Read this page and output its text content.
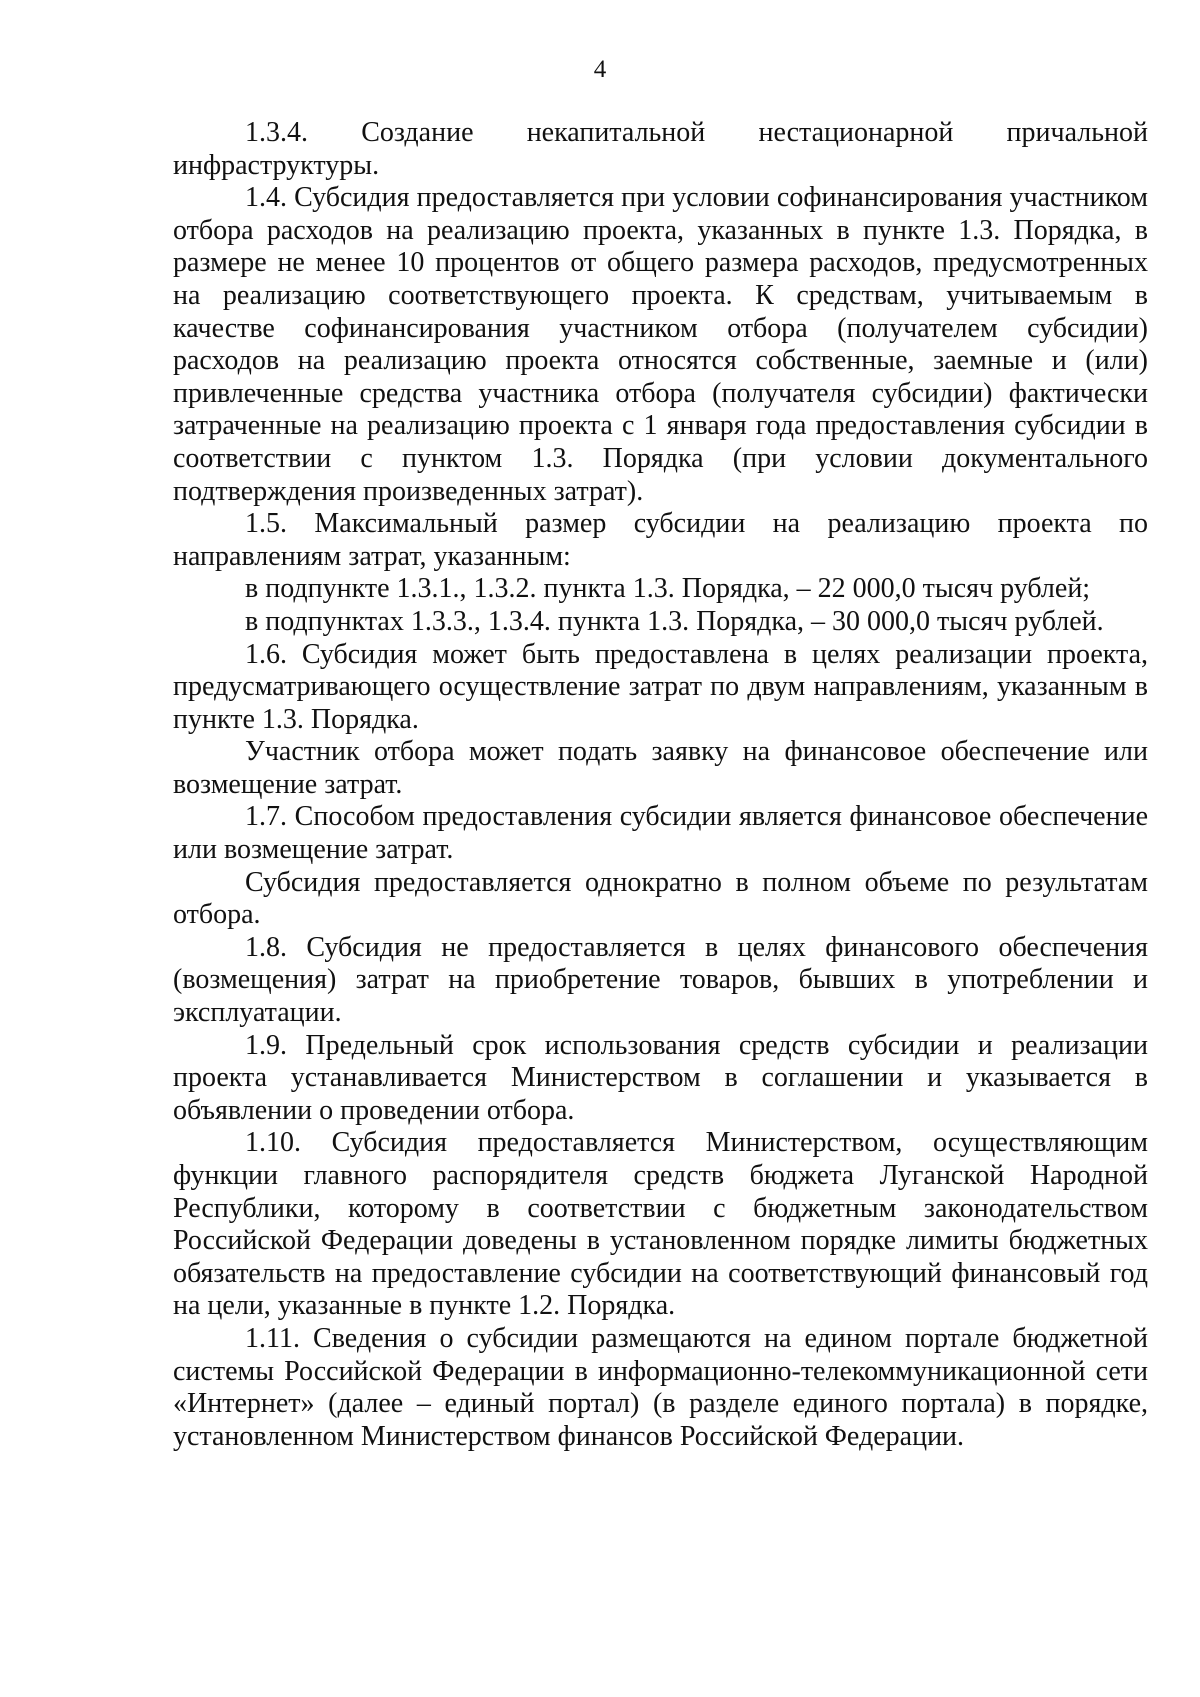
4

1.3.4. Создание некапитальной нестационарной причальной инфраструктуры.

1.4. Субсидия предоставляется при условии софинансирования участником отбора расходов на реализацию проекта, указанных в пункте 1.3. Порядка, в размере не менее 10 процентов от общего размера расходов, предусмотренных на реализацию соответствующего проекта. К средствам, учитываемым в качестве софинансирования участником отбора (получателем субсидии) расходов на реализацию проекта относятся собственные, заемные и (или) привлеченные средства участника отбора (получателя субсидии) фактически затраченные на реализацию проекта с 1 января года предоставления субсидии в соответствии с пунктом 1.3. Порядка (при условии документального подтверждения произведенных затрат).

1.5. Максимальный размер субсидии на реализацию проекта по направлениям затрат, указанным:

в подпункте 1.3.1., 1.3.2. пункта 1.3. Порядка, – 22 000,0 тысяч рублей;

в подпунктах 1.3.3., 1.3.4. пункта 1.3. Порядка, – 30 000,0 тысяч рублей.

1.6. Субсидия может быть предоставлена в целях реализации проекта, предусматривающего осуществление затрат по двум направлениям, указанным в пункте 1.3. Порядка.

Участник отбора может подать заявку на финансовое обеспечение или возмещение затрат.

1.7. Способом предоставления субсидии является финансовое обеспечение или возмещение затрат.

Субсидия предоставляется однократно в полном объеме по результатам отбора.

1.8. Субсидия не предоставляется в целях финансового обеспечения (возмещения) затрат на приобретение товаров, бывших в употреблении и эксплуатации.

1.9. Предельный срок использования средств субсидии и реализации проекта устанавливается Министерством в соглашении и указывается в объявлении о проведении отбора.

1.10. Субсидия предоставляется Министерством, осуществляющим функции главного распорядителя средств бюджета Луганской Народной Республики, которому в соответствии с бюджетным законодательством Российской Федерации доведены в установленном порядке лимиты бюджетных обязательств на предоставление субсидии на соответствующий финансовый год на цели, указанные в пункте 1.2. Порядка.

1.11. Сведения о субсидии размещаются на едином портале бюджетной системы Российской Федерации в информационно-телекоммуникационной сети «Интернет» (далее – единый портал) (в разделе единого портала) в порядке, установленном Министерством финансов Российской Федерации.
